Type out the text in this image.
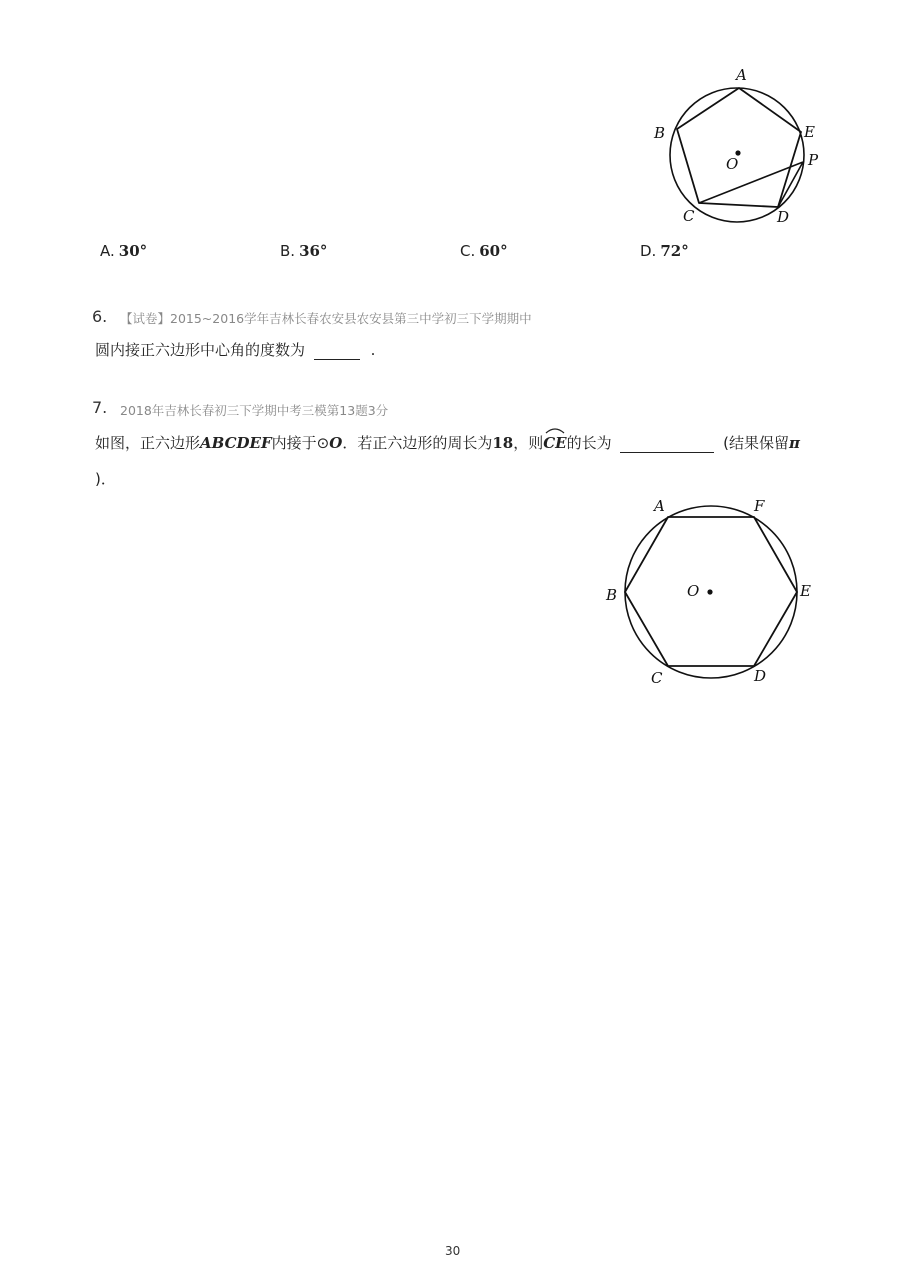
A
B	E
O	P
C	D
A. 30°	B. 36°	C. 60°	D. 72°
6. 【试卷】2015~2016学年吉林长春农安县农安县第三中学初三下学期期中
圆内接正六边形中心角的度数为	.
7. 2018年吉林长春初三下学期中考三模第13题3分
如图，正六边形ABCDEF内接于⊙O．若正六边形的周长为18，则
CE的长为	(结果保留π
)．
A	F
B	O	E
C	D
30
